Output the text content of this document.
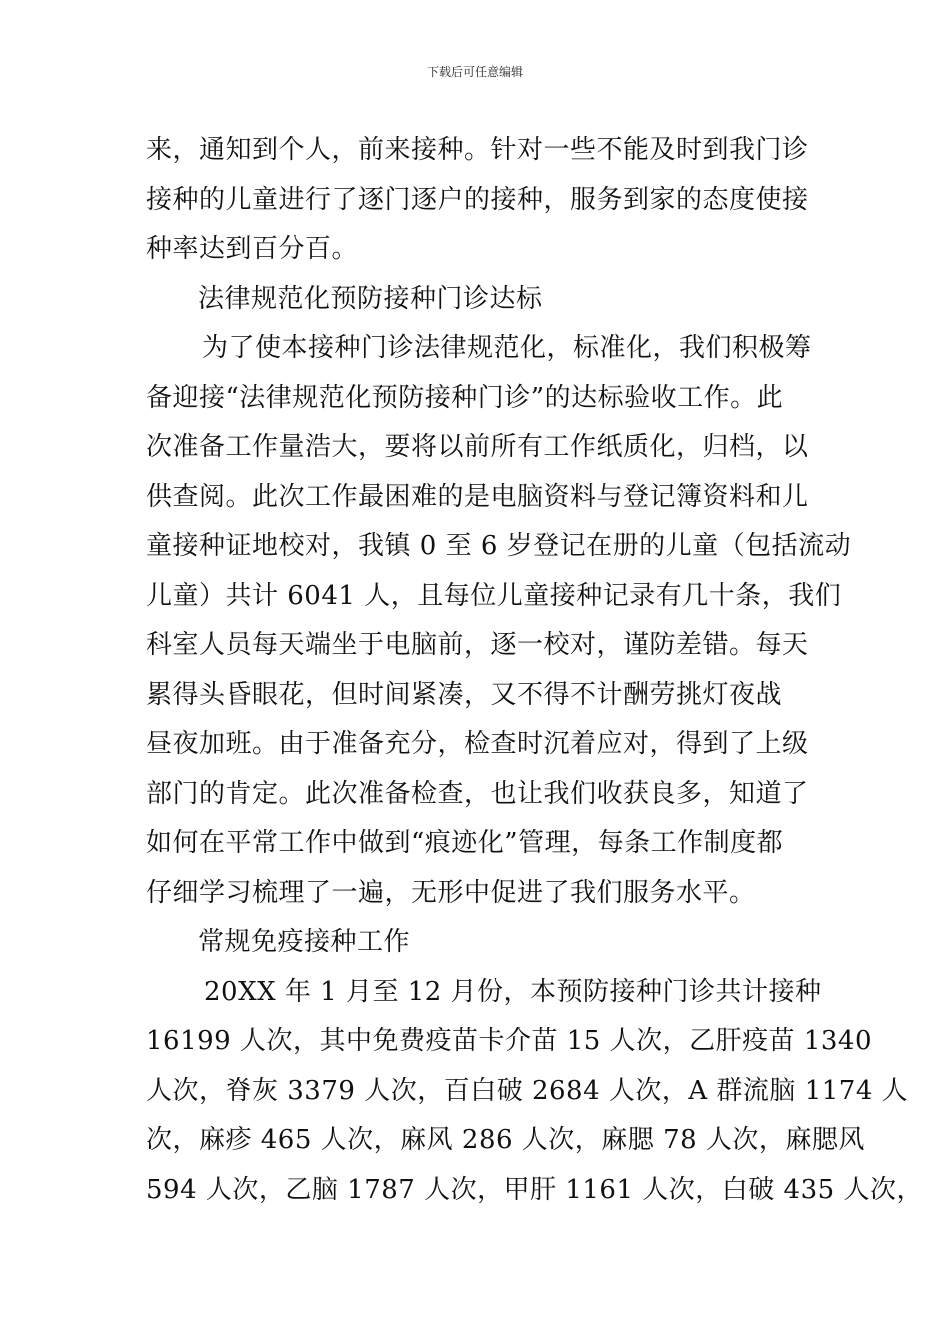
下载后可任意编辑
来，通知到个人，前来接种。针对一些不能及时到我门诊
接种的儿童进行了逐门逐户的接种，服务到家的态度使接
种率达到百分百。
法律规范化预防接种门诊达标
为了使本接种门诊法律规范化，标准化，我们积极筹
备迎接“法律规范化预防接种门诊”的达标验收工作。此
次准备工作量浩大，要将以前所有工作纸质化，归档，以
供查阅。此次工作最困难的是电脑资料与登记簿资料和儿
童接种证地校对，我镇 0 至 6 岁登记在册的儿童（包括流动
儿童）共计 6041 人，且每位儿童接种记录有几十条，我们
科室人员每天端坐于电脑前，逐一校对，谨防差错。每天
累得头昏眼花，但时间紧凑，又不得不计酬劳挑灯夜战
昼夜加班。由于准备充分，检查时沉着应对，得到了上级
部门的肯定。此次准备检查，也让我们收获良多，知道了
如何在平常工作中做到“痕迹化”管理，每条工作制度都
仔细学习梳理了一遍，无形中促进了我们服务水平。
常规免疫接种工作
20XX 年 1 月至 12 月份，本预防接种门诊共计接种
16199 人次，其中免费疫苗卡介苗 15 人次，乙肝疫苗 1340
人次，脊灰 3379 人次，百白破 2684 人次，A 群流脑 1174 人
次，麻疹 465 人次，麻风 286 人次，麻腮 78 人次，麻腮风
594 人次，乙脑 1787 人次，甲肝 1161 人次，白破 435 人次，
